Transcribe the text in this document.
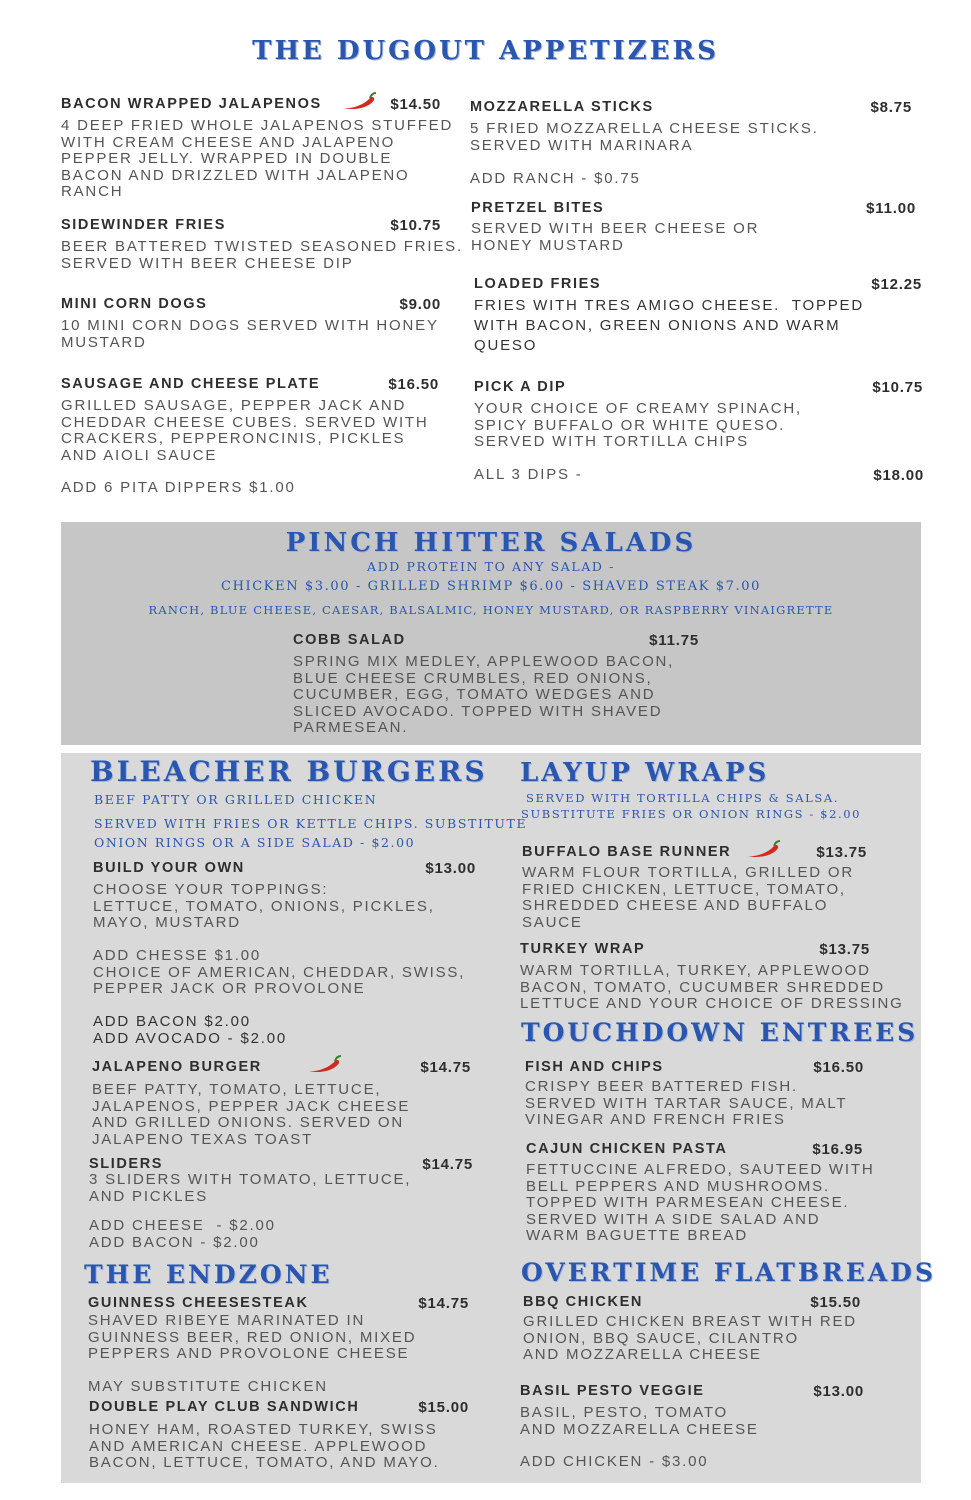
THE DUGOUT APPETIZERS
PINCH HITTER SALADS
ADD PROTEIN TO ANY SALAD -
CHICKEN $3.00 - GRILLED SHRIMP $6.00 - SHAVED STEAK $7.00
RANCH, BLUE CHEESE, CAESAR, BALSALMIC, HONEY MUSTARD, OR RASPBERRY VINAIGRETTE
BLEACHER BURGERS
BEEF PATTY OR GRILLED CHICKEN
SERVED WITH FRIES OR KETTLE CHIPS. SUBSTITUTE
ONION RINGS OR A SIDE SALAD - $2.00
THE ENDZONE
LAYUP WRAPS
SERVED WITH TORTILLA CHIPS & SALSA.
SUBSTITUTE FRIES OR ONION RINGS - $2.00
TOUCHDOWN ENTREES
OVERTIME FLATBREADS
BACON WRAPPED JALAPENOS	$14.50
4 DEEP FRIED WHOLE JALAPENOS STUFFED
WITH CREAM CHEESE AND JALAPENO
PEPPER JELLY. WRAPPED IN DOUBLE
BACON AND DRIZZLED WITH JALAPENO
RANCH
SIDEWINDER FRIES	$10.75
BEER BATTERED TWISTED SEASONED FRIES.
SERVED WITH BEER CHEESE DIP
MINI CORN DOGS	$9.00
10 MINI CORN DOGS SERVED WITH HONEY
MUSTARD
SAUSAGE AND CHEESE PLATE	$16.50
GRILLED SAUSAGE, PEPPER JACK AND
CHEDDAR CHEESE CUBES. SERVED WITH
CRACKERS, PEPPERONCINIS, PICKLES
AND AIOLI SAUCE
ADD 6 PITA DIPPERS $1.00
MOZZARELLA STICKS	$8.75
5 FRIED MOZZARELLA CHEESE STICKS.
SERVED WITH MARINARA
ADD RANCH - $0.75
PRETZEL BITES	$11.00
SERVED WITH BEER CHEESE OR
HONEY MUSTARD
LOADED FRIES	$12.25
FRIES WITH TRES AMIGO CHEESE.  TOPPED
WITH BACON, GREEN ONIONS AND WARM
QUESO
PICK A DIP	$10.75
YOUR CHOICE OF CREAMY SPINACH,
SPICY BUFFALO OR WHITE QUESO.
SERVED WITH TORTILLA CHIPS
ALL 3 DIPS -	$18.00
COBB SALAD	$11.75
SPRING MIX MEDLEY, APPLEWOOD BACON,
BLUE CHEESE CRUMBLES, RED ONIONS,
CUCUMBER, EGG, TOMATO WEDGES AND
SLICED AVOCADO. TOPPED WITH SHAVED
PARMESEAN.
BUILD YOUR OWN	$13.00
CHOOSE YOUR TOPPINGS:
LETTUCE, TOMATO, ONIONS, PICKLES,
MAYO, MUSTARD
ADD CHESSE $1.00
CHOICE OF AMERICAN, CHEDDAR, SWISS,
PEPPER JACK OR PROVOLONE
ADD BACON $2.00
ADD AVOCADO - $2.00
JALAPENO BURGER	$14.75
BEEF PATTY, TOMATO, LETTUCE,
JALAPENOS, PEPPER JACK CHEESE
AND GRILLED ONIONS. SERVED ON
JALAPENO TEXAS TOAST
SLIDERS	$14.75
3 SLIDERS WITH TOMATO, LETTUCE,
AND PICKLES
ADD CHEESE  - $2.00
ADD BACON - $2.00
GUINNESS CHEESESTEAK	$14.75
SHAVED RIBEYE MARINATED IN
GUINNESS BEER, RED ONION, MIXED
PEPPERS AND PROVOLONE CHEESE
MAY SUBSTITUTE CHICKEN
DOUBLE PLAY CLUB SANDWICH	$15.00
HONEY HAM, ROASTED TURKEY, SWISS
AND AMERICAN CHEESE. APPLEWOOD
BACON, LETTUCE, TOMATO, AND MAYO.
BUFFALO BASE RUNNER	$13.75
WARM FLOUR TORTILLA, GRILLED OR
FRIED CHICKEN, LETTUCE, TOMATO,
SHREDDED CHEESE AND BUFFALO
SAUCE
TURKEY WRAP	$13.75
WARM TORTILLA, TURKEY, APPLEWOOD
BACON, TOMATO, CUCUMBER SHREDDED
LETTUCE AND YOUR CHOICE OF DRESSING
FISH AND CHIPS	$16.50
CRISPY BEER BATTERED FISH.
SERVED WITH TARTAR SAUCE, MALT
VINEGAR AND FRENCH FRIES
CAJUN CHICKEN PASTA	$16.95
FETTUCCINE ALFREDO, SAUTEED WITH
BELL PEPPERS AND MUSHROOMS.
TOPPED WITH PARMESEAN CHEESE.
SERVED WITH A SIDE SALAD AND
WARM BAGUETTE BREAD
BBQ CHICKEN	$15.50
GRILLED CHICKEN BREAST WITH RED
ONION, BBQ SAUCE, CILANTRO
AND MOZZARELLA CHEESE
BASIL PESTO VEGGIE	$13.00
BASIL, PESTO, TOMATO
AND MOZZARELLA CHEESE
ADD CHICKEN - $3.00
